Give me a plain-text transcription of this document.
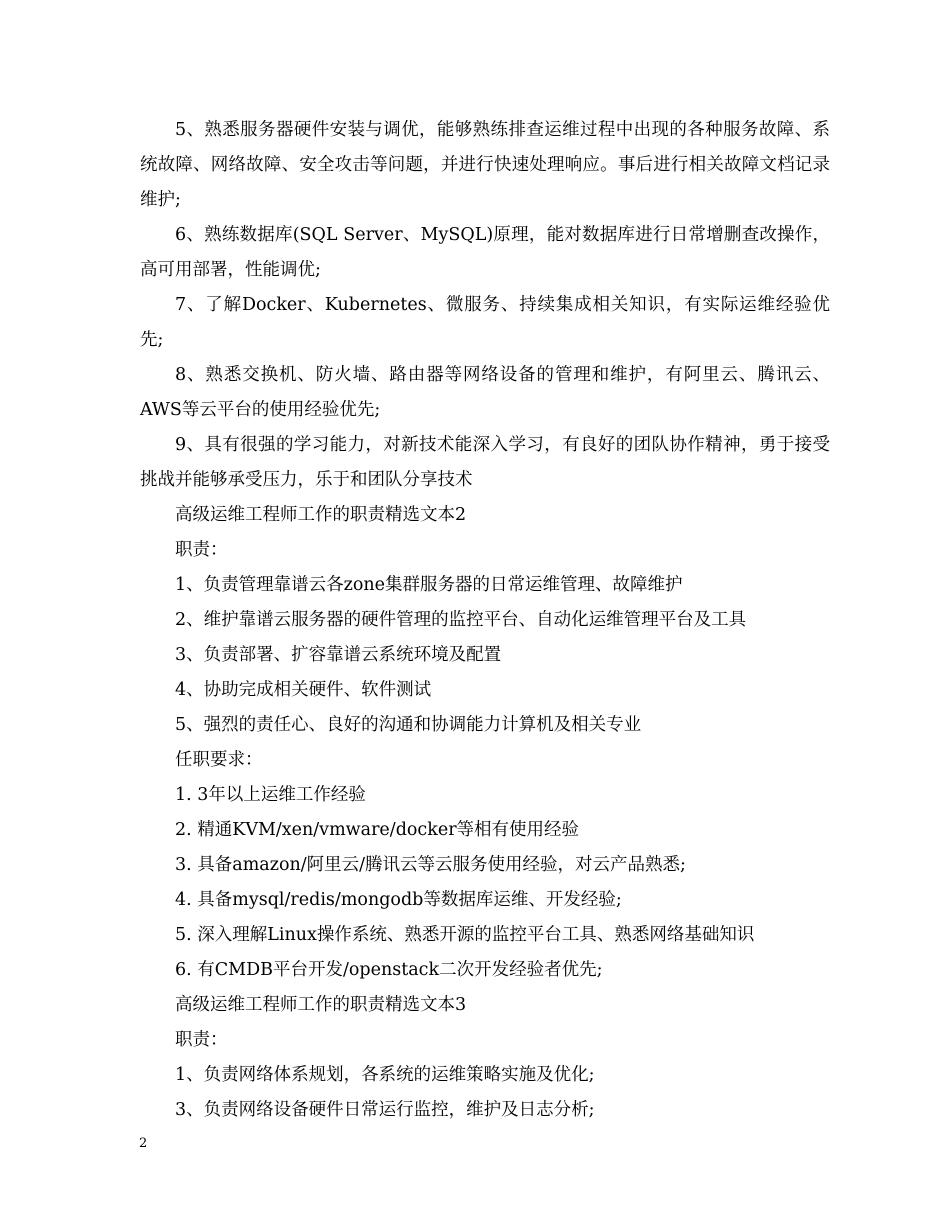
5、熟悉服务器硬件安装与调优，能够熟练排查运维过程中出现的各种服务故障、系统故障、网络故障、安全攻击等问题，并进行快速处理响应。事后进行相关故障文档记录维护;

6、熟练数据库(SQL Server、MySQL)原理，能对数据库进行日常增删查改操作，高可用部署，性能调优;

7、了解Docker、Kubernetes、微服务、持续集成相关知识，有实际运维经验优先;

8、熟悉交换机、防火墙、路由器等网络设备的管理和维护，有阿里云、腾讯云、AWS等云平台的使用经验优先;

9、具有很强的学习能力，对新技术能深入学习，有良好的团队协作精神，勇于接受挑战并能够承受压力，乐于和团队分享技术

高级运维工程师工作的职责精选文本2

职责：

1、负责管理靠谱云各zone集群服务器的日常运维管理、故障维护

2、维护靠谱云服务器的硬件管理的监控平台、自动化运维管理平台及工具

3、负责部署、扩容靠谱云系统环境及配置

4、协助完成相关硬件、软件测试

5、强烈的责任心、良好的沟通和协调能力计算机及相关专业

任职要求：

1. 3年以上运维工作经验

2. 精通KVM/xen/vmware/docker等相有使用经验

3. 具备amazon/阿里云/腾讯云等云服务使用经验，对云产品熟悉;

4. 具备mysql/redis/mongodb等数据库运维、开发经验;

5. 深入理解Linux操作系统、熟悉开源的监控平台工具、熟悉网络基础知识

6. 有CMDB平台开发/openstack二次开发经验者优先;

高级运维工程师工作的职责精选文本3

职责：

1、负责网络体系规划，各系统的运维策略实施及优化;

3、负责网络设备硬件日常运行监控，维护及日志分析;

2
